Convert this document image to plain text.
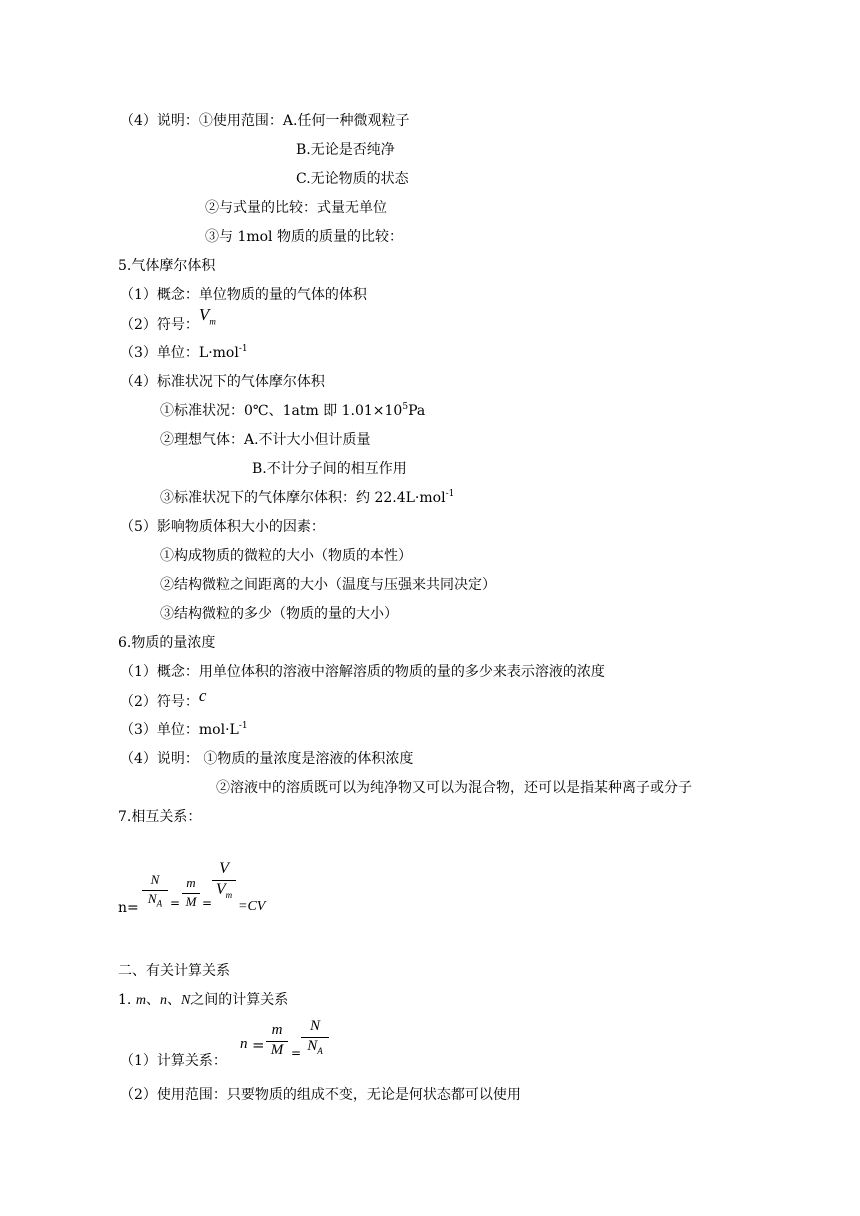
（4）说明：①使用范围：A.任何一种微观粒子
B.无论是否纯净
C.无论物质的状态
②与式量的比较：式量无单位
③与 1mol 物质的质量的比较：
5.气体摩尔体积
（1）概念：单位物质的量的气体的体积
（2）符号：$V_m$
（3）单位：L·mol$^{-1}$
（4）标准状况下的气体摩尔体积
①标准状况：0℃、1atm 即 $1.01\times 10^5Pa$
②理想气体：A.不计大小但计质量
B.不计分子间的相互作用
③标准状况下的气体摩尔体积：约 22.4L·mol$^{-1}$
（5）影响物质体积大小的因素：
①构成物质的微粒的大小（物质的本性）
②结构微粒之间距离的大小（温度与压强来共同决定）
③结构微粒的多少（物质的量的大小）
6.物质的量浓度
（1）概念：用单位体积的溶液中溶解溶质的物质的量的多少来表示溶液的浓度
（2）符号：c
（3）单位：$mol\cdot L^{-1}$
（4）说明： ①物质的量浓度是溶液的体积浓度
②溶液中的溶质既可以为纯净物又可以为混合物，还可以是指某种离子或分子
7.相互关系：
n=
N
$N_A$ =
m
M =
V
$V_m$
=CV
二、有关计算关系
1. m、n、N之间的计算关系
（1）计算关系：
n =
m
M =
N
$N_A$
（2）使用范围：只要物质的组成不变，无论是何状态都可以使用
